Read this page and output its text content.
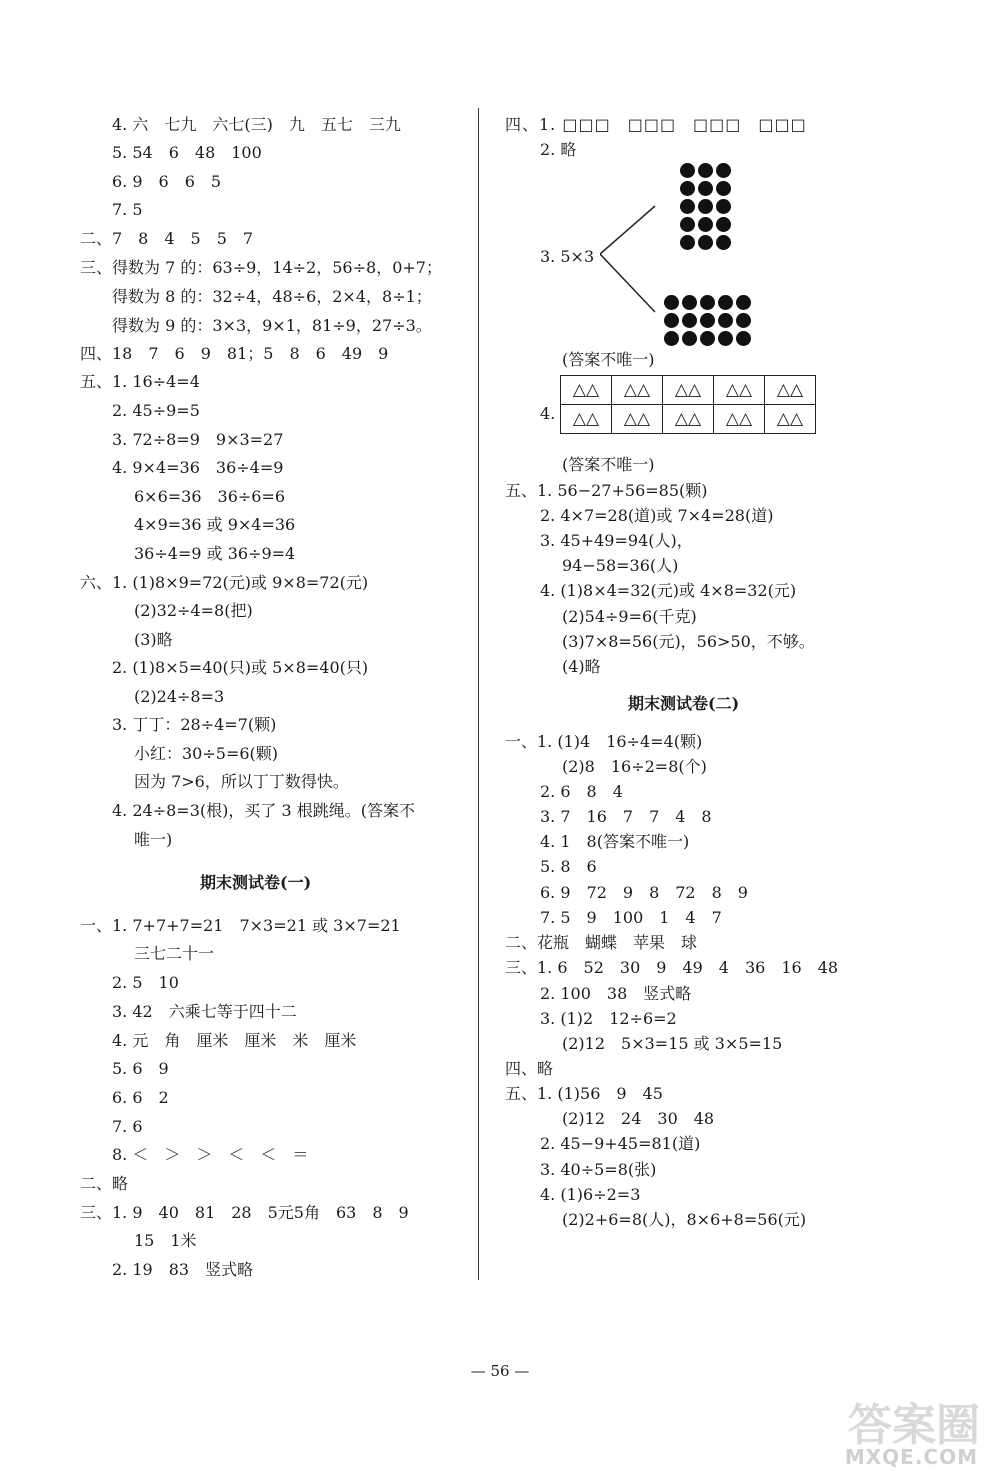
4. 六　七九　六七(三)　九　五七　三九
5. 54　6　48　100
6. 9　6　6　5
7. 5
二、7　8　4　5　5　7
三、得数为 7 的：63÷9，14÷2，56÷8，0+7；
得数为 8 的：32÷4，48÷6，2×4，8÷1；
得数为 9 的：3×3，9×1，81÷9，27÷3。
四、18　7　6　9　81；5　8　6　49　9
五、1. 16÷4=4
2. 45÷9=5
3. 72÷8=9　9×3=27
4. 9×4=36　36÷4=9
6×6=36　36÷6=6
4×9=36 或 9×4=36
36÷4=9 或 36÷9=4
六、1. (1)8×9=72(元)或 9×8=72(元)
(2)32÷4=8(把)
(3)略
2. (1)8×5=40(只)或 5×8=40(只)
(2)24÷8=3
3. 丁丁：28÷4=7(颗)
小红：30÷5=6(颗)
因为 7>6，所以丁丁数得快。
4. 24÷8=3(根)，买了 3 根跳绳。(答案不
唯一)
期末测试卷(一)
一、1. 7+7+7=21　7×3=21 或 3×7=21
三七二十一
2. 5　10
3. 42　六乘七等于四十二
4. 元　角　厘米　厘米　米　厘米
5. 6　9
6. 6　2
7. 6
8. ＜　＞　＞　＜　＜　＝
二、略
三、1. 9　40　81　28　5元5角　63　8　9
15　1米
2. 19　83　竖式略
四、1. □□□　□□□　□□□　□□□
2. 略
3. 5×3
(答案不唯一)
4.
(答案不唯一)
五、1. 56−27+56=85(颗)
2. 4×7=28(道)或 7×4=28(道)
3. 45+49=94(人)，
94−58=36(人)
4. (1)8×4=32(元)或 4×8=32(元)
(2)54÷9=6(千克)
(3)7×8=56(元)，56>50，不够。
(4)略
期末测试卷(二)
一、1. (1)4　16÷4=4(颗)
(2)8　16÷2=8(个)
2. 6　8　4
3. 7　16　7　7　4　8
4. 1　8(答案不唯一)
5. 8　6
6. 9　72　9　8　72　8　9
7. 5　9　100　1　4　7
二、花瓶　蝴蝶　苹果　球
三、1. 6　52　30　9　49　4　36　16　48
2. 100　38　竖式略
3. (1)2　12÷6=2
(2)12　5×3=15 或 3×5=15
四、略
五、1. (1)56　9　45
(2)12　24　30　48
2. 45−9+45=81(道)
3. 40÷5=8(张)
4. (1)6÷2=3
(2)2+6=8(人)，8×6+8=56(元)
△△	△△	△△	△△	△△
△△	△△	△△	△△	△△
— 56 —
答案圈
MXQE.COM
